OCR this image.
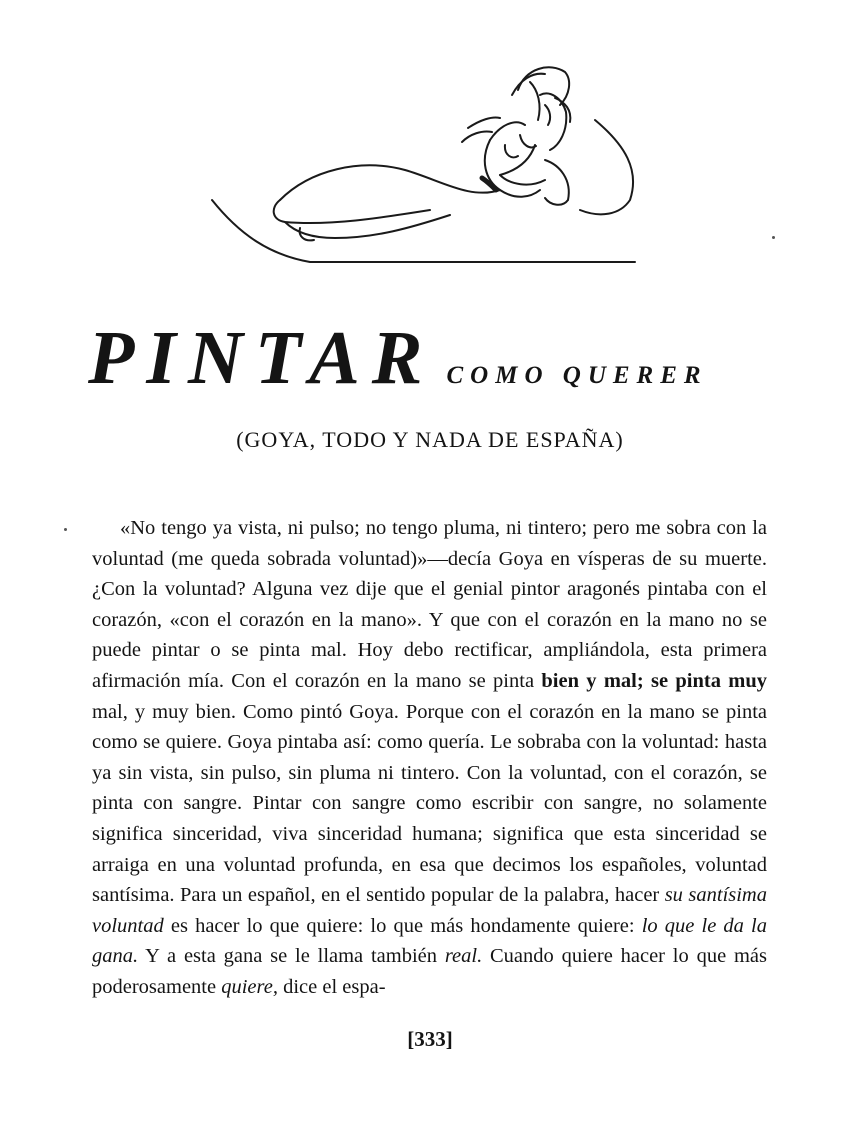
PINTAR COMO QUERER
(GOYA, TODO Y NADA DE ESPAÑA)

«No tengo ya vista, ni pulso; no tengo pluma, ni tintero; pero me sobra con la voluntad (me queda sobrada voluntad)»—decía Goya en vísperas de su muerte. ¿Con la voluntad? Alguna vez dije que el genial pintor aragonés pintaba con el corazón, «con el corazón en la mano». Y que con el corazón en la mano no se puede pintar o se pinta mal. Hoy debo rectificar, ampliándola, esta primera afirmación mía. Con el corazón en la mano se pinta bien y mal; se pinta muy mal, y muy bien. Como pintó Goya. Porque con el corazón en la mano se pinta como se quiere. Goya pintaba así: como quería. Le sobraba con la voluntad: hasta ya sin vista, sin pulso, sin pluma ni tintero. Con la voluntad, con el corazón, se pinta con sangre. Pintar con sangre como escribir con sangre, no solamente significa sinceridad, viva sinceridad humana; significa que esta sinceridad se arraiga en una voluntad profunda, en esa que decimos los españoles, voluntad santísima. Para un español, en el sentido popular de la palabra, hacer su santísima voluntad es hacer lo que quiere: lo que más hondamente quiere: lo que le da la gana. Y a esta gana se le llama también real. Cuando quiere hacer lo que más poderosamente quiere, dice el espa-

[333]
